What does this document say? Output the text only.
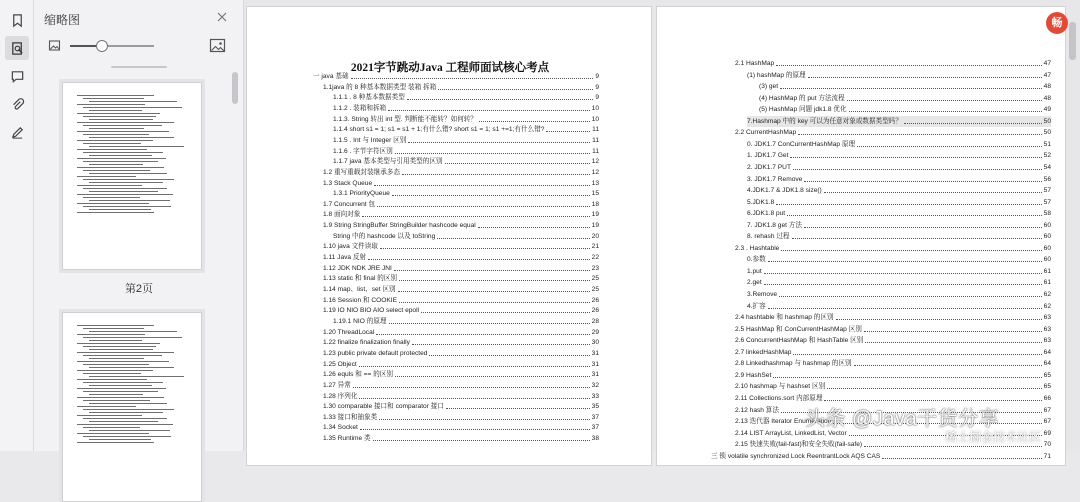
缩略图
第2页
2021字节跳动Java 工程师面试核心考点
一 java 基础	9
1.1java 的 8 种基本数据类型 装箱 拆箱	9
1.1.1 . 8 种基本数据类型	9
1.1.2 . 装箱和拆箱	10
1.1.3. String 转出 int 型. 判断能不能转？如何转？	10
1.1.4 short s1 = 1; s1 = s1 + 1;有什么错? short s1 = 1; s1 +=1;有什么错?	11
1.1.5 . Int 与 Integer 区别	11
1.1.6 . 字节字符区别	11
1.1.7 java 基本类型与引用类型的区别	12
1.2 重写重载封装继承多态	12
1.3 Stack Queue	13
1.3.1 PriorityQueue	15
1.7 Concurrent 包	18
1.8 面向对象	19
1.9 String StringBuffer StringBuilder hashcode equal	19
String 中的 hashcode 以及 toString	20
1.10 java 文件读取	21
1.11 Java 反射	22
1.12 JDK NDK JRE JNI	23
1.13 static 和 final 的区别	25
1.14 map、list、set 区别	25
1.16 Session 和 COOKIE	26
1.19 IO NIO BIO AIO select epoll	26
1.19.1 NIO 的原理	28
1.20 ThreadLocal	29
1.22 finalize finalization finally	30
1.23 public private default protected	31
1.25 Object	31
1.26 equls 和 == 的区别	31
1.27 异常	32
1.28 序列化	33
1.30 comparable 接口和 comparator 接口	35
1.33 接口和抽象类	37
1.34 Socket	37
1.35 Runtime 类	38
2.1 HashMap	47
(1) hashMap 的原理	47
(3) get	48
(4) HashMap 的 put 方法流程	48
(5) HashMap 问题 jdk1.8 优化	49
7.Hashmap 中的 key 可以为任意对象或数据类型吗？	50
2.2 CurrentHashMap	50
0. JDK1.7 ConCurrentHashMap 原理	51
1. JDK1.7 Get	52
2. JDK1.7 PUT	54
3. JDK1.7 Remove	56
4.JDK1.7 & JDK1.8 size()	57
5.JDK1.8	57
6.JDK1.8 put	58
7. JDK1.8 get 方法	60
8. rehash 过程	60
2.3 . Hashtable	60
0.参数	60
1.put	61
2.get	61
3.Remove	62
4.扩容	62
2.4 hashtable 和 hashmap 的区别	63
2.5 HashMap 和 ConCurrentHashMap 区别	63
2.6 ConcurrentHashMap 和 HashTable 区别	63
2.7 linkedHashMap	64
2.8 Linkedhashmap 与 hashmap 的区别	64
2.9 HashSet	65
2.10 hashmap 与 hashset 区别	65
2.11 Collections.sort 内部原理	66
2.12 hash 算法	67
2.13 迭代器 Iterator Enumeration	67
2.14 LIST ArrayList, LinkedList, Vector	69
2.15 快速失败(fail-fast)和安全失败(fail-safe)	70
三 锁 volatile synchronized Lock ReentrantLock AQS CAS	71
畅
头条 @Java干货分享
稀土掘金技术社区
